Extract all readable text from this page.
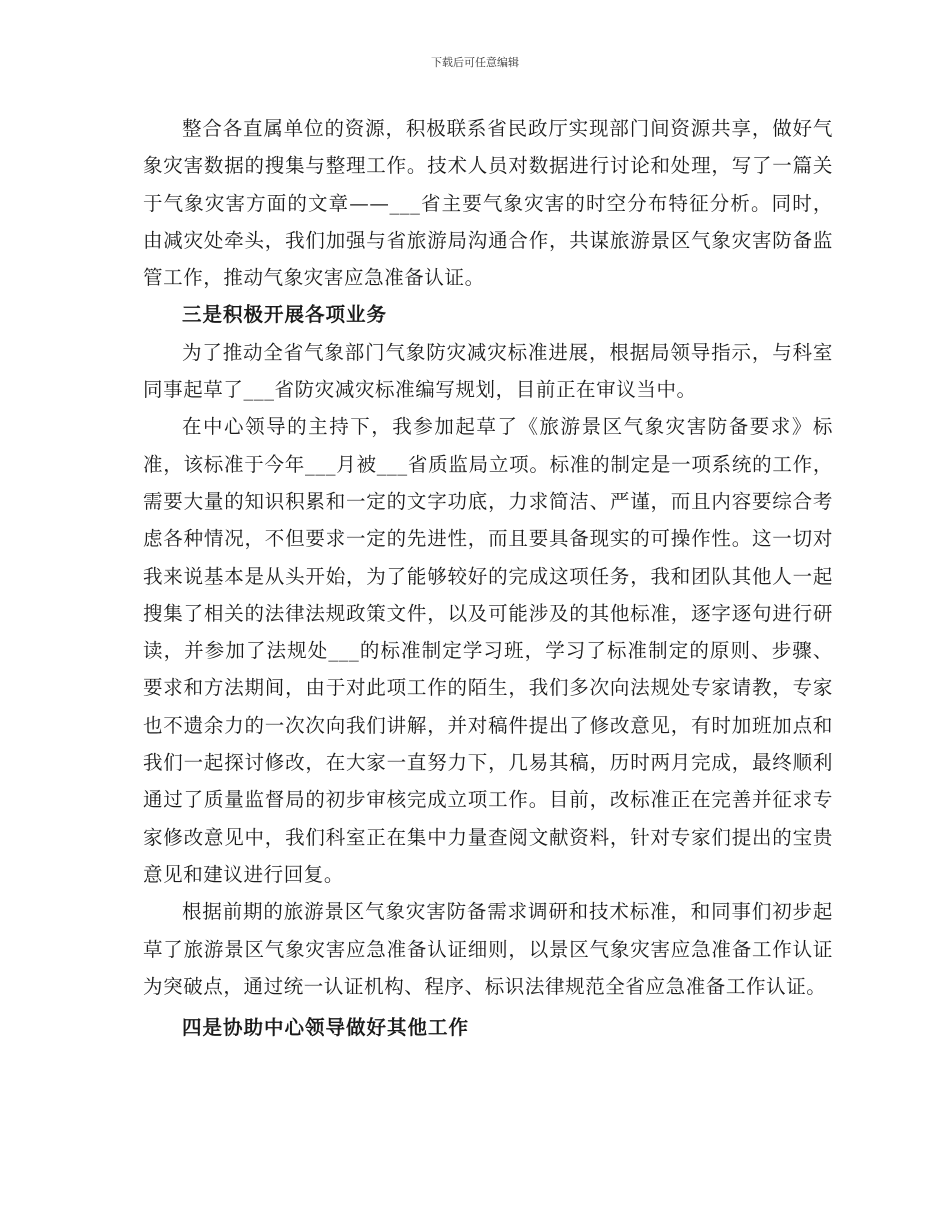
下载后可任意编辑

整合各直属单位的资源，积极联系省民政厅实现部门间资源共享，做好气象灾害数据的搜集与整理工作。技术人员对数据进行讨论和处理，写了一篇关于气象灾害方面的文章——___省主要气象灾害的时空分布特征分析。同时，由减灾处牵头，我们加强与省旅游局沟通合作，共谋旅游景区气象灾害防备监管工作，推动气象灾害应急准备认证。

三是积极开展各项业务

为了推动全省气象部门气象防灾减灾标准进展，根据局领导指示，与科室同事起草了___省防灾减灾标准编写规划，目前正在审议当中。

在中心领导的主持下，我参加起草了《旅游景区气象灾害防备要求》标准，该标准于今年___月被___省质监局立项。标准的制定是一项系统的工作，需要大量的知识积累和一定的文字功底，力求简洁、严谨，而且内容要综合考虑各种情况，不但要求一定的先进性，而且要具备现实的可操作性。这一切对我来说基本是从头开始，为了能够较好的完成这项任务，我和团队其他人一起搜集了相关的法律法规政策文件，以及可能涉及的其他标准，逐字逐句进行研读，并参加了法规处___的标准制定学习班，学习了标准制定的原则、步骤、要求和方法期间，由于对此项工作的陌生，我们多次向法规处专家请教，专家也不遗余力的一次次向我们讲解，并对稿件提出了修改意见，有时加班加点和我们一起探讨修改，在大家一直努力下，几易其稿，历时两月完成，最终顺利通过了质量监督局的初步审核完成立项工作。目前，改标准正在完善并征求专家修改意见中，我们科室正在集中力量查阅文献资料，针对专家们提出的宝贵意见和建议进行回复。

根据前期的旅游景区气象灾害防备需求调研和技术标准，和同事们初步起草了旅游景区气象灾害应急准备认证细则，以景区气象灾害应急准备工作认证为突破点，通过统一认证机构、程序、标识法律规范全省应急准备工作认证。

四是协助中心领导做好其他工作
